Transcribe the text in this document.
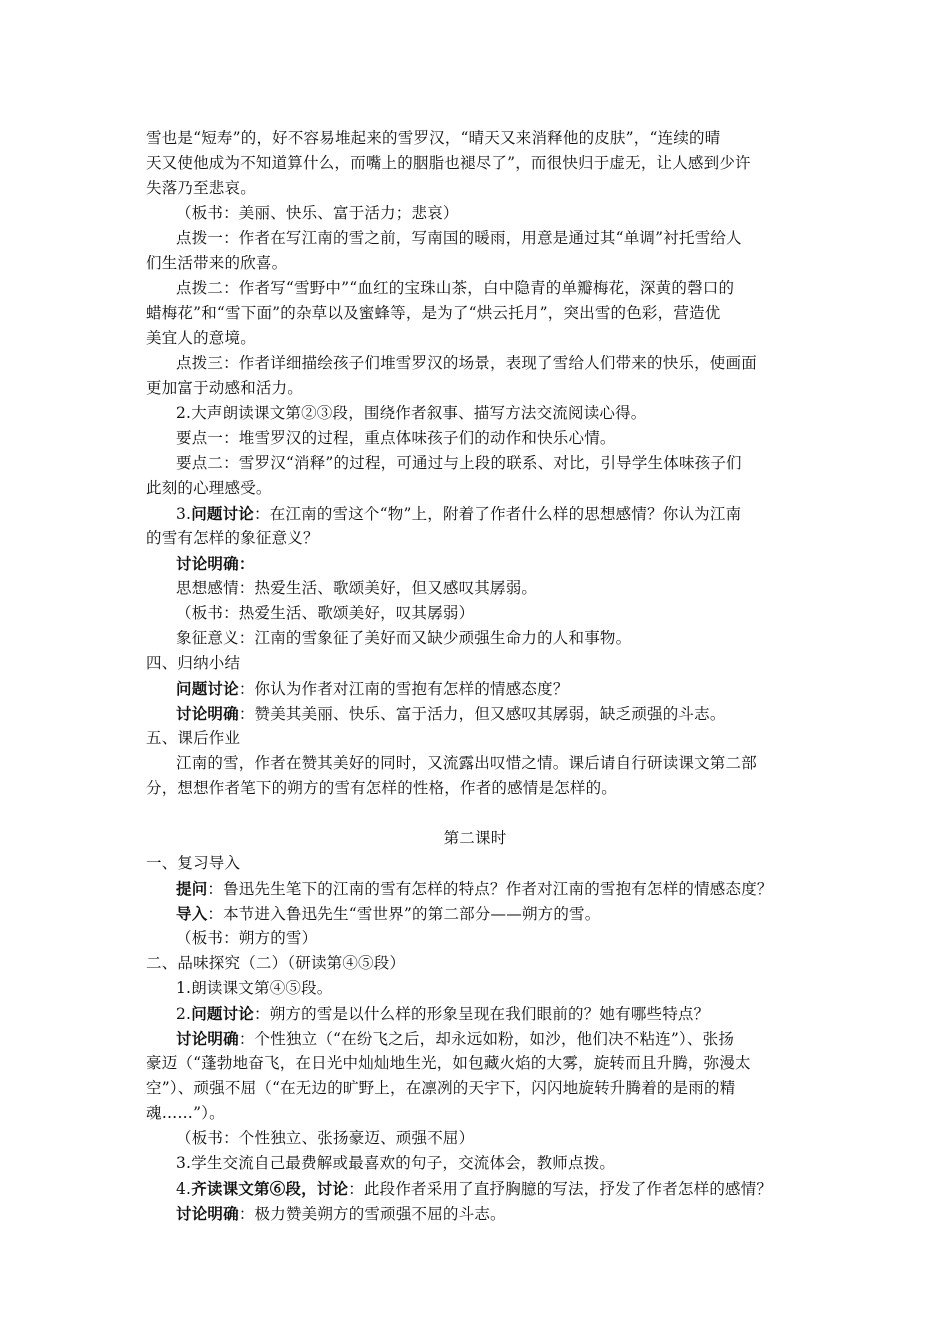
雪也是“短寿”的，好不容易堆起来的雪罗汉，“晴天又来消释他的皮肤”，“连续的晴
天又使他成为不知道算什么，而嘴上的胭脂也褪尽了”，而很快归于虚无，让人感到少许
失落乃至悲哀。
（板书：美丽、快乐、富于活力；悲哀）
点拨一：作者在写江南的雪之前，写南国的暖雨，用意是通过其“单调”衬托雪给人
们生活带来的欣喜。
点拨二：作者写“雪野中”“血红的宝珠山茶，白中隐青的单瓣梅花，深黄的磬口的
蜡梅花”和“雪下面”的杂草以及蜜蜂等，是为了“烘云托月”，突出雪的色彩，营造优
美宜人的意境。
点拨三：作者详细描绘孩子们堆雪罗汉的场景，表现了雪给人们带来的快乐，使画面
更加富于动感和活力。
2.大声朗读课文第②③段，围绕作者叙事、描写方法交流阅读心得。
要点一：堆雪罗汉的过程，重点体味孩子们的动作和快乐心情。
要点二：雪罗汉“消释”的过程，可通过与上段的联系、对比，引导学生体味孩子们
此刻的心理感受。
3.问题讨论：在江南的雪这个“物”上，附着了作者什么样的思想感情？你认为江南
的雪有怎样的象征意义？
讨论明确：
思想感情：热爱生活、歌颂美好，但又感叹其孱弱。
（板书：热爱生活、歌颂美好，叹其孱弱）
象征意义：江南的雪象征了美好而又缺少顽强生命力的人和事物。
四、归纳小结
问题讨论：你认为作者对江南的雪抱有怎样的情感态度？
讨论明确：赞美其美丽、快乐、富于活力，但又感叹其孱弱，缺乏顽强的斗志。
五、课后作业
江南的雪，作者在赞其美好的同时，又流露出叹惜之情。课后请自行研读课文第二部
分，想想作者笔下的朔方的雪有怎样的性格，作者的感情是怎样的。
第二课时
一、复习导入
提问：鲁迅先生笔下的江南的雪有怎样的特点？作者对江南的雪抱有怎样的情感态度？
导入：本节进入鲁迅先生“雪世界”的第二部分——朔方的雪。
（板书：朔方的雪）
二、品味探究（二）（研读第④⑤段）
1.朗读课文第④⑤段。
2.问题讨论：朔方的雪是以什么样的形象呈现在我们眼前的？她有哪些特点？
讨论明确：个性独立（“在纷飞之后，却永远如粉，如沙，他们决不粘连”）、张扬
豪迈（“蓬勃地奋飞，在日光中灿灿地生光，如包藏火焰的大雾，旋转而且升腾，弥漫太
空”）、顽强不屈（“在无边的旷野上，在凛冽的天宇下，闪闪地旋转升腾着的是雨的精
魂……”）。
（板书：个性独立、张扬豪迈、顽强不屈）
3.学生交流自己最费解或最喜欢的句子，交流体会，教师点拨。
4.齐读课文第⑥段，讨论：此段作者采用了直抒胸臆的写法，抒发了作者怎样的感情？
讨论明确：极力赞美朔方的雪顽强不屈的斗志。
